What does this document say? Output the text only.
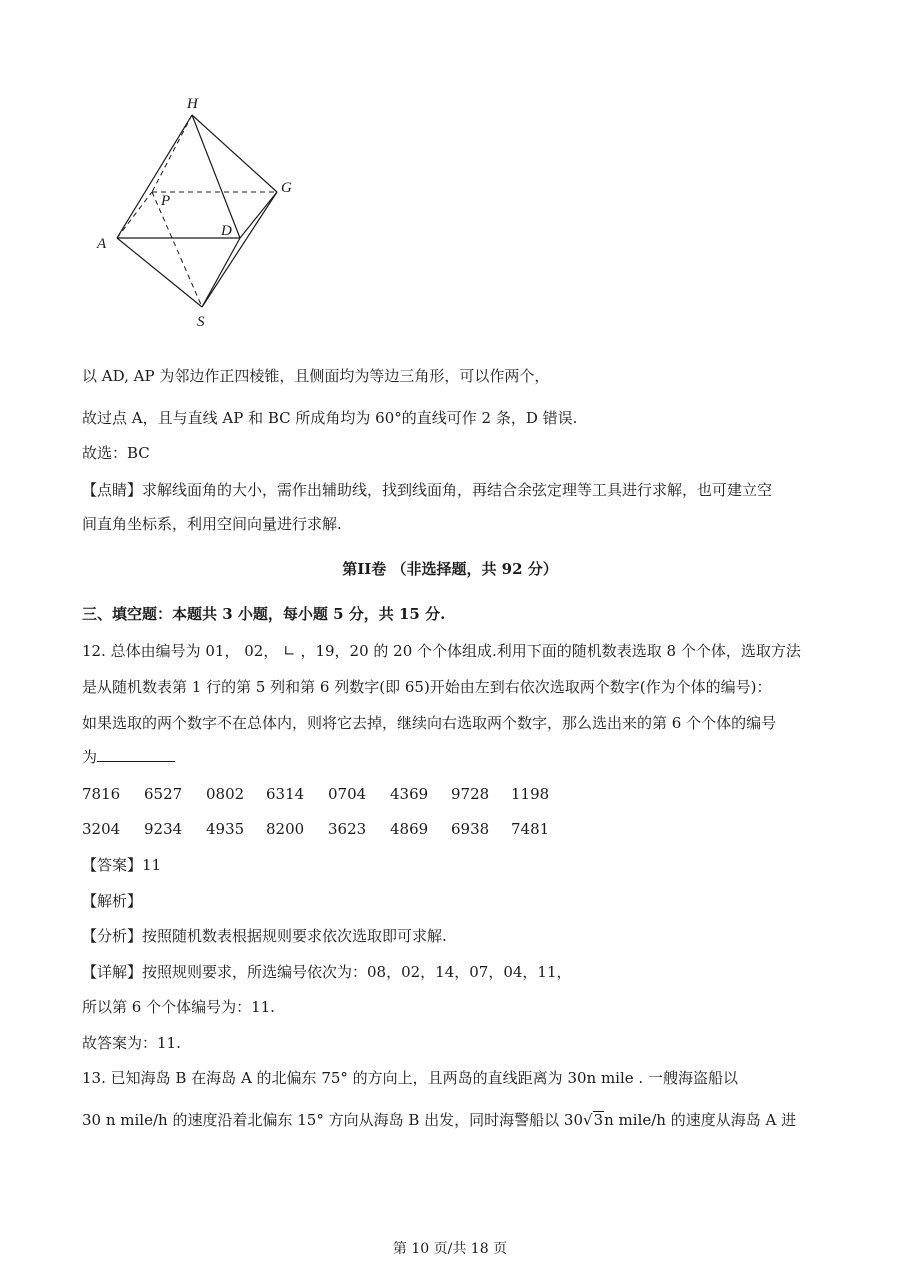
H
G
P
A
D
S
以 AD, AP 为邻边作正四棱锥，且侧面均为等边三角形，可以作两个，
故过点 A，且与直线 AP 和 BC 所成角均为 60°的直线可作 2 条，D 错误.
故选：BC
【点睛】求解线面角的大小，需作出辅助线，找到线面角，再结合余弦定理等工具进行求解，也可建立空
间直角坐标系，利用空间向量进行求解.
第II卷 （非选择题，共 92 分）
三、填空题：本题共 3 小题，每小题 5 分，共 15 分.
12. 总体由编号为 01， 02， ∟ ，19，20 的 20 个个体组成.利用下面的随机数表选取 8 个个体，选取方法
是从随机数表第 1 行的第 5 列和第 6 列数字(即 65)开始由左到右依次选取两个数字(作为个体的编号)：
如果选取的两个数字不在总体内，则将它去掉，继续向右选取两个数字，那么选出来的第 6 个个体的编号
为
7816	6527	0802	6314	0704	4369	9728	1198
3204	9234	4935	8200	3623	4869	6938	7481
【答案】11
【解析】
【分析】按照随机数表根据规则要求依次选取即可求解.
【详解】按照规则要求，所选编号依次为：08，02，14，07，04，11，
所以第 6 个个体编号为：11.
故答案为：11.
13. 已知海岛 B 在海岛 A 的北偏东 75° 的方向上，且两岛的直线距离为 30n mile . 一艘海盗船以
30 n mile/h 的速度沿着北偏东 15° 方向从海岛 B 出发，同时海警船以 30√3n mile/h 的速度从海岛 A 进
第 10 页/共 18 页
